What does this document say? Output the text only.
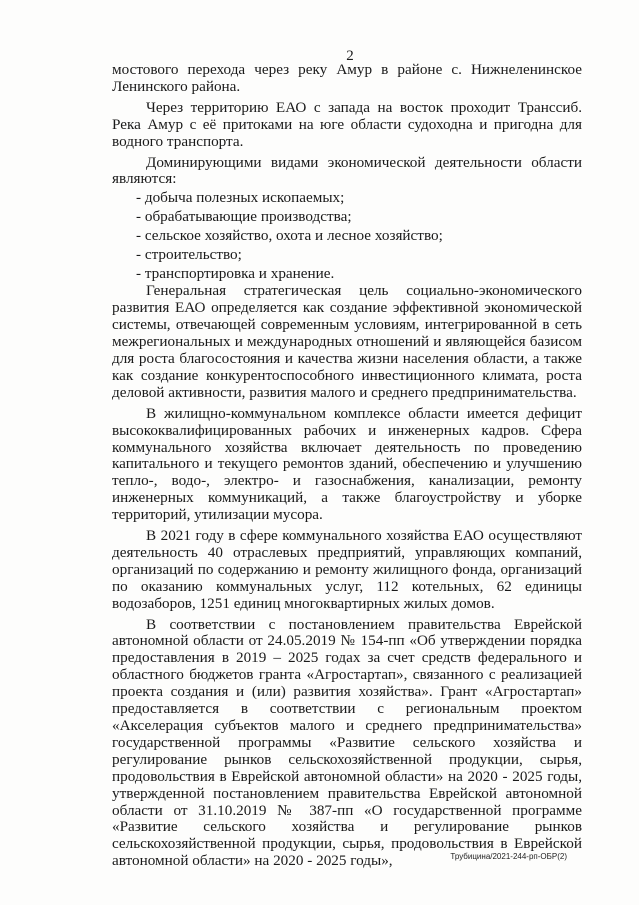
2

мостового перехода через реку Амур в районе с. Нижнеленинское Ленинского района.

Через территорию ЕАО с запада на восток проходит Транссиб. Река Амур с её притоками на юге области судоходна и пригодна для водного транспорта.

Доминирующими видами экономической деятельности области являются:

- добыча полезных ископаемых;
- обрабатывающие производства;
- сельское хозяйство, охота и лесное хозяйство;
- строительство;
- транспортировка и хранение.

Генеральная стратегическая цель социально-экономического развития ЕАО определяется как создание эффективной экономической системы, отвечающей современным условиям, интегрированной в сеть межрегиональных и международных отношений и являющейся базисом для роста благосостояния и качества жизни населения области, а также как создание конкурентоспособного инвестиционного климата, роста деловой активности, развития малого и среднего предпринимательства.

В жилищно-коммунальном комплексе области имеется дефицит высококвалифицированных рабочих и инженерных кадров. Сфера коммунального хозяйства включает деятельность по проведению капитального и текущего ремонтов зданий, обеспечению и улучшению тепло-, водо-, электро- и газоснабжения, канализации, ремонту инженерных коммуникаций, а также благоустройству и уборке территорий, утилизации мусора.

В 2021 году в сфере коммунального хозяйства ЕАО осуществляют деятельность 40 отраслевых предприятий, управляющих компаний, организаций по содержанию и ремонту жилищного фонда, организаций по оказанию коммунальных услуг, 112 котельных, 62 единицы водозаборов, 1251 единиц многоквартирных жилых домов.

В соответствии с постановлением правительства Еврейской автономной области от 24.05.2019 № 154-пп «Об утверждении порядка предоставления в 2019 – 2025 годах за счет средств федерального и областного бюджетов гранта «Агростартап», связанного с реализацией проекта создания и (или) развития хозяйства». Грант «Агростартап» предоставляется в соответствии с региональным проектом «Акселерация субъектов малого и среднего предпринимательства» государственной программы «Развитие сельского хозяйства и регулирование рынков сельскохозяйственной продукции, сырья, продовольствия в Еврейской автономной области» на 2020 - 2025 годы, утвержденной постановлением правительства Еврейской автономной области от 31.10.2019 № 387-пп «О государственной программе «Развитие сельского хозяйства и регулирование рынков сельскохозяйственной продукции, сырья, продовольствия в Еврейской автономной области» на 2020 - 2025 годы»,	Трубицина/2021-244-рп-ОБР(2)
